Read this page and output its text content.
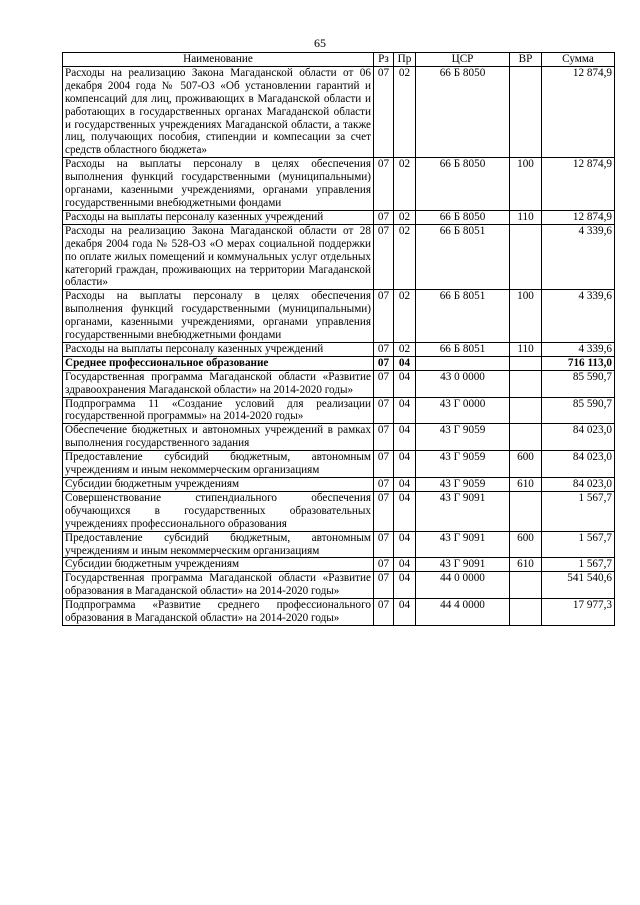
65
Наименование	Рз	Пр	ЦСР	ВР	Сумма
Расходы на реализацию Закона Магаданской области от 06 декабря 2004 года № 507-ОЗ «Об установлении гарантий и компенсаций для лиц, проживающих в Магаданской области и работающих в государственных органах Магаданской области и государственных учреждениях Магаданской области, а также лиц, получающих пособия, стипендии и компесации за счет средств областного бюджета»	07	02	66 Б 8050		12 874,9
Расходы на выплаты персоналу в целях обеспечения выполнения функций государственными (муниципальными) органами, казенными учреждениями, органами управления государственными внебюджетными фондами	07	02	66 Б 8050	100	12 874,9
Расходы на выплаты персоналу казенных учреждений	07	02	66 Б 8050	110	12 874,9
Расходы на реализацию Закона Магаданской области от 28 декабря 2004 года № 528-ОЗ «О мерах социальной поддержки по оплате жилых помещений и коммунальных услуг отдельных категорий граждан, проживающих на территории Магаданской области»	07	02	66 Б 8051		4 339,6
Расходы на выплаты персоналу в целях обеспечения выполнения функций государственными (муниципальными) органами, казенными учреждениями, органами управления государственными внебюджетными фондами	07	02	66 Б 8051	100	4 339,6
Расходы на выплаты персоналу казенных учреждений	07	02	66 Б 8051	110	4 339,6
Среднее профессиональное образование	07	04			716 113,0
Государственная программа Магаданской области «Развитие здравоохранения Магаданской области» на 2014-2020 годы»	07	04	43 0 0000		85 590,7
Подпрограмма 11 «Создание условий для реализации государственной программы» на 2014-2020 годы»	07	04	43 Г 0000		85 590,7
Обеспечение бюджетных и автономных учреждений в рамках выполнения государственного задания	07	04	43 Г 9059		84 023,0
Предоставление субсидий бюджетным, автономным учреждениям и иным некоммерческим организациям	07	04	43 Г 9059	600	84 023,0
Субсидии бюджетным учреждениям	07	04	43 Г 9059	610	84 023,0
Совершенствование стипендиального обеспечения обучающихся в государственных образовательных учреждениях профессионального образования	07	04	43 Г 9091		1 567,7
Предоставление субсидий бюджетным, автономным учреждениям и иным некоммерческим организациям	07	04	43 Г 9091	600	1 567,7
Субсидии бюджетным учреждениям	07	04	43 Г 9091	610	1 567,7
Государственная программа Магаданской области «Развитие образования в Магаданской области» на 2014-2020 годы»	07	04	44 0 0000		541 540,6
Подпрограмма «Развитие среднего профессионального образования в Магаданской области» на 2014-2020 годы»	07	04	44 4 0000		17 977,3
